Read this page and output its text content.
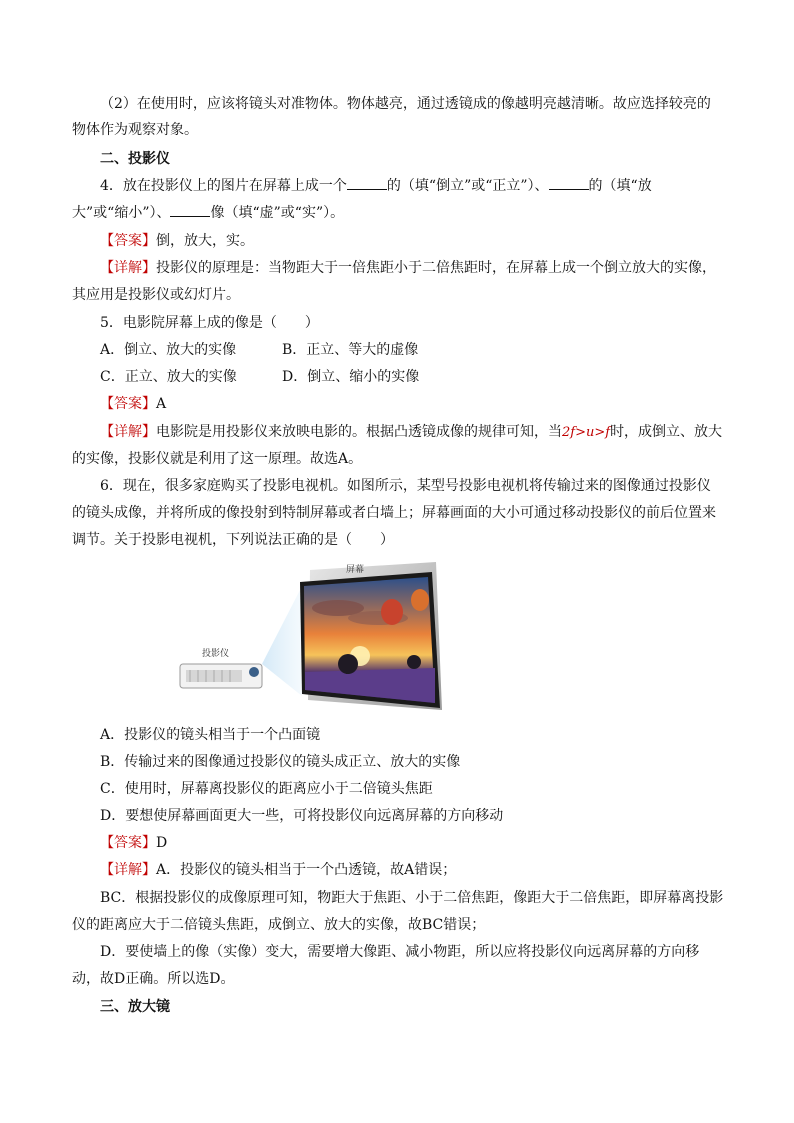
（2）在使用时，应该将镜头对准物体。物体越亮，通过透镜成的像越明亮越清晰。故应选择较亮的
物体作为观察对象。
二、投影仪
4．放在投影仪上的图片在屏幕上成一个	的（填“倒立”或“正立”）、	的（填“放
大”或“缩小”）、	像（填“虚”或“实”）。
【答案】倒，放大，实。
【详解】投影仪的原理是：当物距大于一倍焦距小于二倍焦距时，在屏幕上成一个倒立放大的实像，
其应用是投影仪或幻灯片。
5．电影院屏幕上成的像是（　　）
A．倒立、放大的实像	B．正立、等大的虚像
C．正立、放大的实像	D．倒立、缩小的实像
【答案】A
【详解】电影院是用投影仪来放映电影的。根据凸透镜成像的规律可知，当2f>u>f时，成倒立、放大
的实像，投影仪就是利用了这一原理。故选A。
6．现在，很多家庭购买了投影电视机。如图所示，某型号投影电视机将传输过来的图像通过投影仪
的镜头成像，并将所成的像投射到特制屏幕或者白墙上；屏幕画面的大小可通过移动投影仪的前后位置来
调节。关于投影电视机，下列说法正确的是（　　）
屏幕
投影仪
A．投影仪的镜头相当于一个凸面镜
B．传输过来的图像通过投影仪的镜头成正立、放大的实像
C．使用时，屏幕离投影仪的距离应小于二倍镜头焦距
D．要想使屏幕画面更大一些，可将投影仪向远离屏幕的方向移动
【答案】D
【详解】A．投影仪的镜头相当于一个凸透镜，故A错误；
BC．根据投影仪的成像原理可知，物距大于焦距、小于二倍焦距，像距大于二倍焦距，即屏幕离投影
仪的距离应大于二倍镜头焦距，成倒立、放大的实像，故BC错误；
D．要使墙上的像（实像）变大，需要增大像距、减小物距，所以应将投影仪向远离屏幕的方向移
动，故D正确。所以选D。
三、放大镜
